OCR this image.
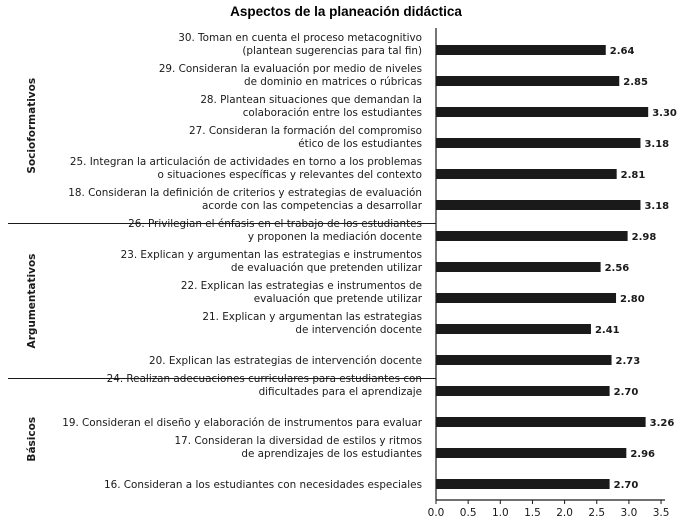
Aspectos de la planeación didáctica
Socioformativos
Argumentativos
Básicos
2.64
30. Toman en cuenta el proceso metacognitivo
(plantean sugerencias para tal fin)
2.85
29. Consideran la evaluación por medio de niveles
de dominio en matrices o rúbricas
3.30
28. Plantean situaciones que demandan la
colaboración entre los estudiantes
3.18
27. Consideran la formación del compromiso
ético de los estudiantes
2.81
25. Integran la articulación de actividades en torno a los problemas
o situaciones específicas y relevantes del contexto
3.18
18. Consideran la definición de criterios y estrategias de evaluación
acorde con las competencias a desarrollar
2.98
26. Privilegian el énfasis en el trabajo de los estudiantes
y proponen la mediación docente
2.56
23. Explican y argumentan las estrategias e instrumentos
de evaluación que pretenden utilizar
2.80
22. Explican las estrategias e instrumentos de
evaluación que pretende utilizar
2.41
21. Explican y argumentan las estrategias
de intervención docente
2.73
20. Explican las estrategias de intervención docente
2.70
24. Realizan adecuaciones curriculares para estudiantes con
dificultades para el aprendizaje
3.26
19. Consideran el diseño y elaboración de instrumentos para evaluar
2.96
17. Consideran la diversidad de estilos y ritmos
de aprendizajes de los estudiantes
2.70
16. Consideran a los estudiantes con necesidades especiales
0.0 0.5 1.0 1.5 2.0 2.5 3.0 3.5
